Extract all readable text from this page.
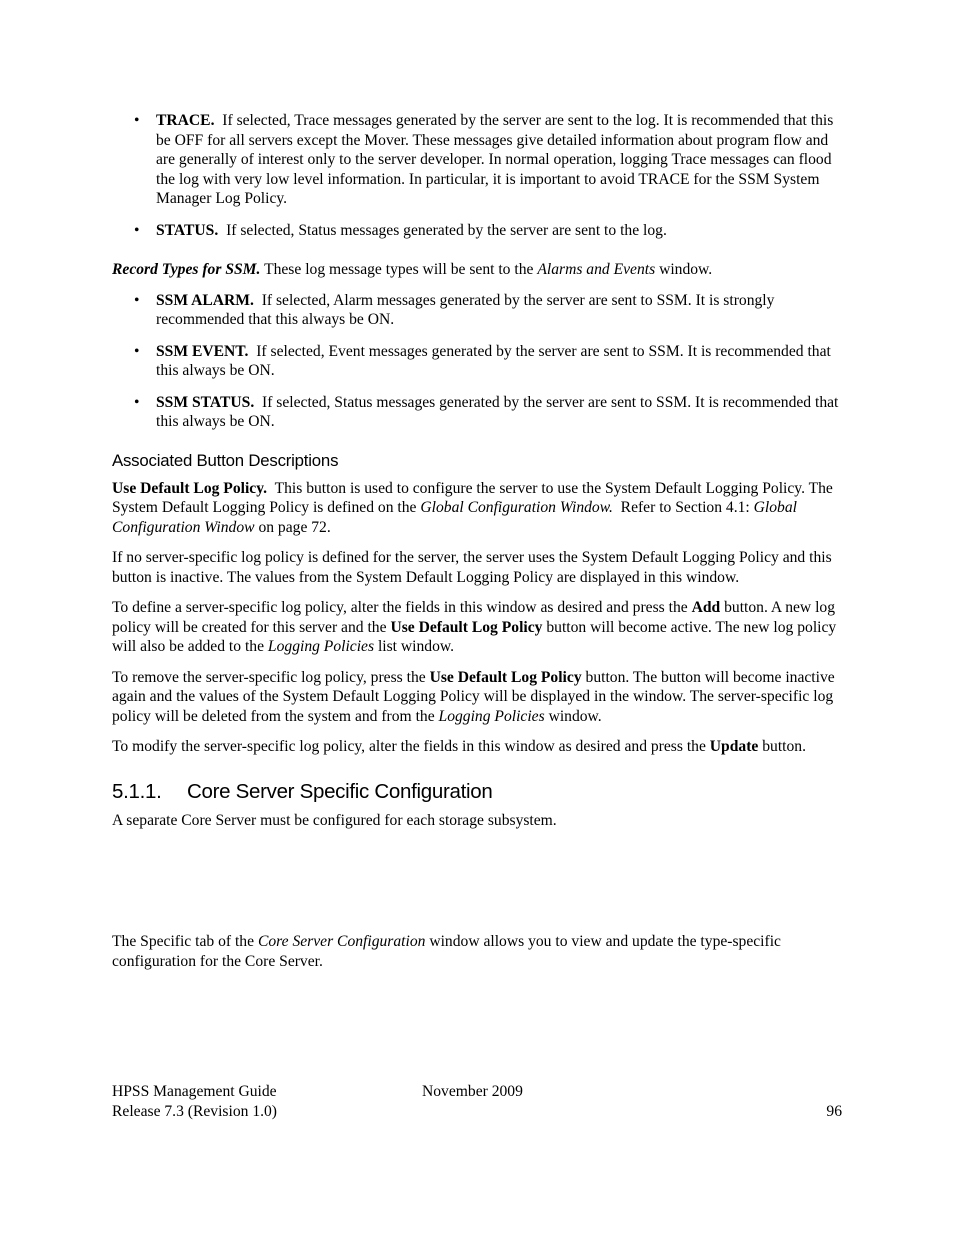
• TRACE. If selected, Trace messages generated by the server are sent to the log. It is recommended that this be OFF for all servers except the Mover. These messages give detailed information about program flow and are generally of interest only to the server developer. In normal operation, logging Trace messages can flood the log with very low level information. In particular, it is important to avoid TRACE for the SSM System Manager Log Policy.
• STATUS. If selected, Status messages generated by the server are sent to the log.

Record Types for SSM. These log message types will be sent to the Alarms and Events window.

• SSM ALARM. If selected, Alarm messages generated by the server are sent to SSM. It is strongly recommended that this always be ON.
• SSM EVENT. If selected, Event messages generated by the server are sent to SSM. It is recommended that this always be ON.
• SSM STATUS. If selected, Status messages generated by the server are sent to SSM. It is recommended that this always be ON.
Associated Button Descriptions

Use Default Log Policy. This button is used to configure the server to use the System Default Logging Policy. The System Default Logging Policy is defined on the Global Configuration Window. Refer to Section 4.1: Global Configuration Window on page 72.

If no server-specific log policy is defined for the server, the server uses the System Default Logging Policy and this button is inactive. The values from the System Default Logging Policy are displayed in this window.

To define a server-specific log policy, alter the fields in this window as desired and press the Add button. A new log policy will be created for this server and the Use Default Log Policy button will become active. The new log policy will also be added to the Logging Policies list window.

To remove the server-specific log policy, press the Use Default Log Policy button. The button will become inactive again and the values of the System Default Logging Policy will be displayed in the window. The server-specific log policy will be deleted from the system and from the Logging Policies window.

To modify the server-specific log policy, alter the fields in this window as desired and press the Update button.

5.1.1. Core Server Specific Configuration

A separate Core Server must be configured for each storage subsystem.

The Specific tab of the Core Server Configuration window allows you to view and update the type-specific configuration for the Core Server.

HPSS Management Guide	November 2009
Release 7.3 (Revision 1.0)	96
